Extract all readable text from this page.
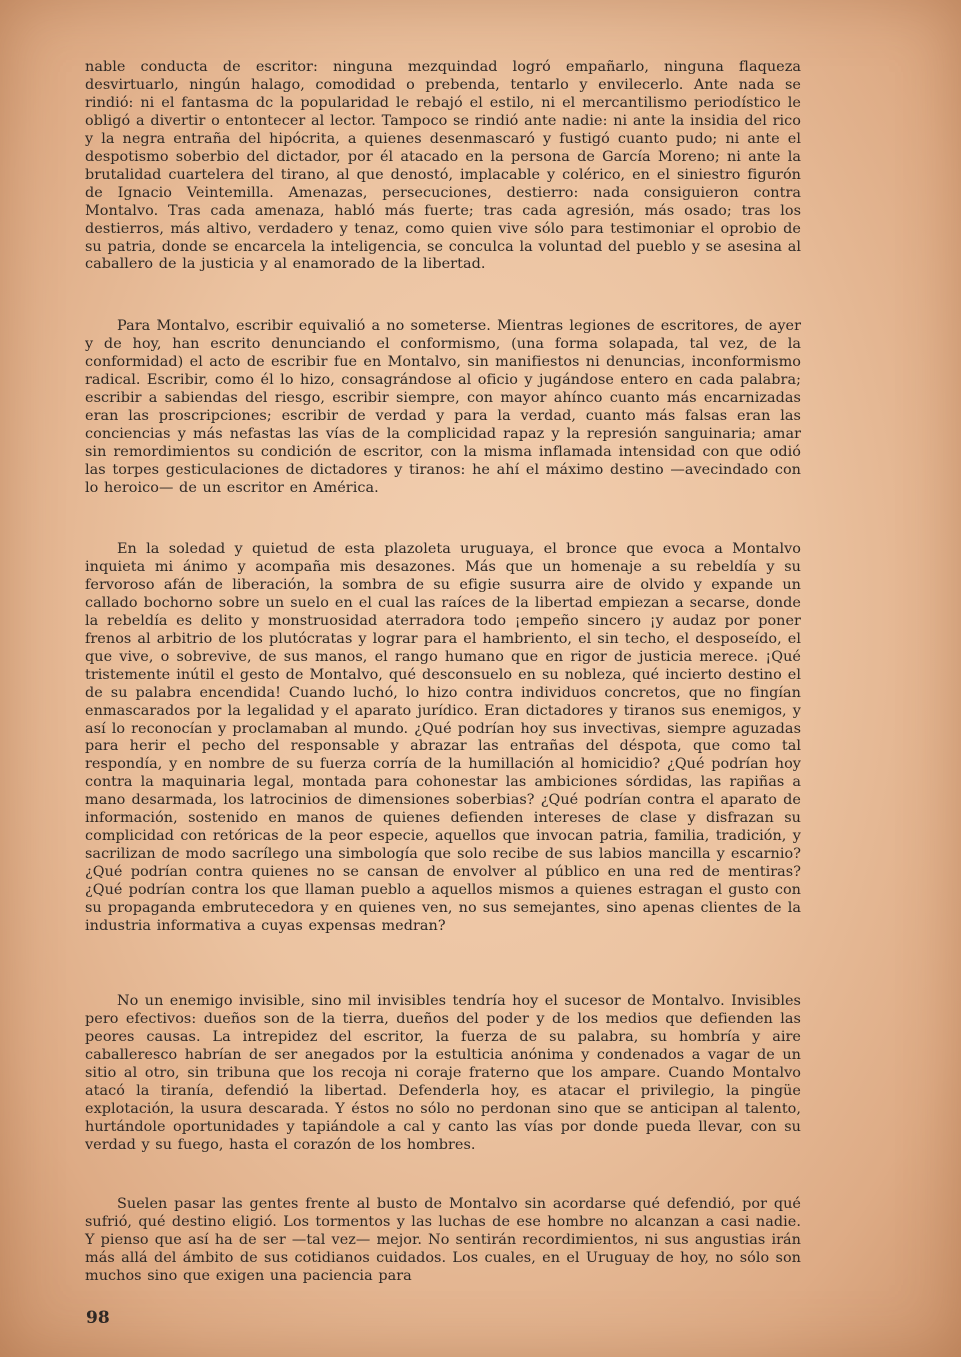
nable conducta de escritor: ninguna mezquindad logró empañarlo, ninguna flaqueza desvirtuarlo, ningún halago, comodidad o prebenda, tentarlo y envilecerlo. Ante nada se rindió: ni el fantasma dc la popularidad le rebajó el estilo, ni el mercantilismo periodístico le obligó a divertir o entontecer al lector. Tampoco se rindió ante nadie: ni ante la insidia del rico y la negra entraña del hipócrita, a quienes desenmascaró y fustigó cuanto pudo; ni ante el despotismo soberbio del dictador, por él atacado en la persona de García Moreno; ni ante la brutalidad cuartelera del tirano, al que denostó, implacable y colérico, en el siniestro figurón de Ignacio Veintemilla. Amenazas, persecuciones, destierro: nada consiguieron contra Montalvo. Tras cada amenaza, habló más fuerte; tras cada agresión, más osado; tras los destierros, más altivo, verdadero y tenaz, como quien vive sólo para testimoniar el oprobio de su patria, donde se encarcela la inteligencia, se conculca la voluntad del pueblo y se asesina al caballero de la justicia y al enamorado de la libertad.

Para Montalvo, escribir equivalió a no someterse. Mientras legiones de escritores, de ayer y de hoy, han escrito denunciando el conformismo, (una forma solapada, tal vez, de la conformidad) el acto de escribir fue en Montalvo, sin manifiestos ni denuncias, inconformismo radical. Escribir, como él lo hizo, consagrándose al oficio y jugándose entero en cada palabra; escribir a sabiendas del riesgo, escribir siempre, con mayor ahínco cuanto más encarnizadas eran las proscripciones; escribir de verdad y para la verdad, cuanto más falsas eran las conciencias y más nefastas las vías de la complicidad rapaz y la represión sanguinaria; amar sin remordimientos su condición de escritor, con la misma inflamada intensidad con que odió las torpes gesticulaciones de dictadores y tiranos: he ahí el máximo destino —avecindado con lo heroico— de un escritor en América.

En la soledad y quietud de esta plazoleta uruguaya, el bronce que evoca a Montalvo inquieta mi ánimo y acompaña mis desazones. Más que un homenaje a su rebeldía y su fervoroso afán de liberación, la sombra de su efigie susurra aire de olvido y expande un callado bochorno sobre un suelo en el cual las raíces de la libertad empiezan a secarse, donde la rebeldía es delito y monstruosidad aterradora todo ¡empeño sincero ¡y audaz por poner frenos al arbitrio de los plutócratas y lograr para el hambriento, el sin techo, el desposeído, el que vive, o sobrevive, de sus manos, el rango humano que en rigor de justicia merece. ¡Qué tristemente inútil el gesto de Montalvo, qué desconsuelo en su nobleza, qué incierto destino el de su palabra encendida! Cuando luchó, lo hizo contra individuos concretos, que no fingían enmascarados por la legalidad y el aparato jurídico. Eran dictadores y tiranos sus enemigos, y así lo reconocían y proclamaban al mundo. ¿Qué podrían hoy sus invectivas, siempre aguzadas para herir el pecho del responsable y abrazar las entrañas del déspota, que como tal respondía, y en nombre de su fuerza corría de la humillación al homicidio? ¿Qué podrían hoy contra la maquinaria legal, montada para cohonestar las ambiciones sórdidas, las rapiñas a mano desarmada, los latrocinios de dimensiones soberbias? ¿Qué podrían contra el aparato de información, sostenido en manos de quienes defienden intereses de clase y disfrazan su complicidad con retóricas de la peor especie, aquellos que invocan patria, familia, tradición, y sacrilizan de modo sacrílego una simbología que solo recibe de sus labios mancilla y escarnio? ¿Qué podrían contra quienes no se cansan de envolver al público en una red de mentiras? ¿Qué podrían contra los que llaman pueblo a aquellos mismos a quienes estragan el gusto con su propaganda embrutecedora y en quienes ven, no sus semejantes, sino apenas clientes de la industria informativa a cuyas expensas medran?

No un enemigo invisible, sino mil invisibles tendría hoy el sucesor de Montalvo. Invisibles pero efectivos: dueños son de la tierra, dueños del poder y de los medios que defienden las peores causas. La intrepidez del escritor, la fuerza de su palabra, su hombría y aire caballeresco habrían de ser anegados por la estulticia anónima y condenados a vagar de un sitio al otro, sin tribuna que los recoja ni coraje fraterno que los ampare. Cuando Montalvo atacó la tiranía, defendió la libertad. Defenderla hoy, es atacar el privilegio, la pingüe explotación, la usura descarada. Y éstos no sólo no perdonan sino que se anticipan al talento, hurtándole oportunidades y tapiándole a cal y canto las vías por donde pueda llevar, con su verdad y su fuego, hasta el corazón de los hombres.

Suelen pasar las gentes frente al busto de Montalvo sin acordarse qué defendió, por qué sufrió, qué destino eligió. Los tormentos y las luchas de ese hombre no alcanzan a casi nadie. Y pienso que así ha de ser —tal vez— mejor. No sentirán recordimientos, ni sus angustias irán más allá del ámbito de sus cotidianos cuidados. Los cuales, en el Uruguay de hoy, no sólo son muchos sino que exigen una paciencia para

98
